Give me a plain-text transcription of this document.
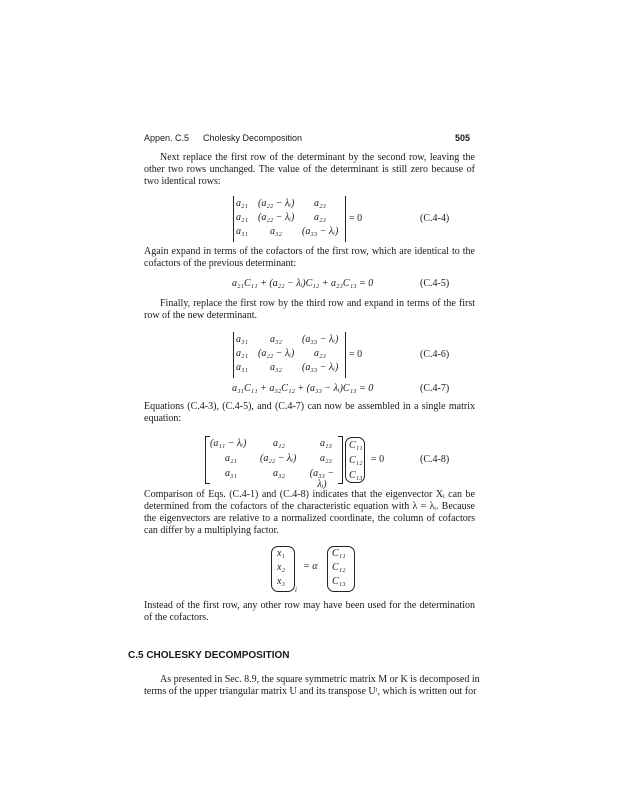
Appen. C.5 Cholesky Decomposition	505
Next replace the first row of the determinant by the second row, leaving the
other two rows unchanged. The value of the determinant is still zero because of
two identical rows:
a₂₁ (a₂₂ − λᵢ) a₂₃
a₂₁ (a₂₂ − λᵢ) a₂₃
a₃₁ a₃₂ (a₃₃ − λᵢ)
= 0	(C.4-4)
Again expand in terms of the cofactors of the first row, which are identical to the
cofactors of the previous determinant:
a₂₁C₁₁ + (a₂₂ − λᵢ)C₁₂ + a₂₃C₁₃ = 0	(C.4-5)
Finally, replace the first row by the third row and expand in terms of the first
row of the new determinant.
a₃₁ a₃₂ (a₃₃ − λᵢ)
a₂₁ (a₂₂ − λᵢ) a₂₃
a₃₁ a₃₂ (a₃₃ − λᵢ)
= 0	(C.4-6)
a₃₁C₁₁ + a₃₂C₁₂ + (a₃₃ − λᵢ)C₁₃ = 0	(C.4-7)
Equations (C.4-3), (C.4-5), and (C.4-7) can now be assembled in a single matrix
equation:
(a₁₁ − λᵢ)	a₁₂	a₁₃
a₂₁ (a₂₂ − λᵢ) a₂₃
a₃₁	a₃₂	(a₃₃ − λᵢ)
C₁₁
C₁₂
C₁₃
= 0	(C.4-8)
Comparison of Eqs. (C.4-1) and (C.4-8) indicates that the eigenvector Xᵢ can be
determined from the cofactors of the characteristic equation with λ = λᵢ. Because
the eigenvectors are relative to a normalized coordinate, the column of cofactors
can differ by a multiplying factor.
x₁
x₂
x₃
i
= α
C₁₁
C₁₂
C₁₃
Instead of the first row, any other row may have been used for the determination
of the cofactors.
C.5 CHOLESKY DECOMPOSITION
As presented in Sec. 8.9, the square symmetric matrix M or K is decomposed in
terms of the upper triangular matrix U and its transpose Uᵗ, which is written out for
